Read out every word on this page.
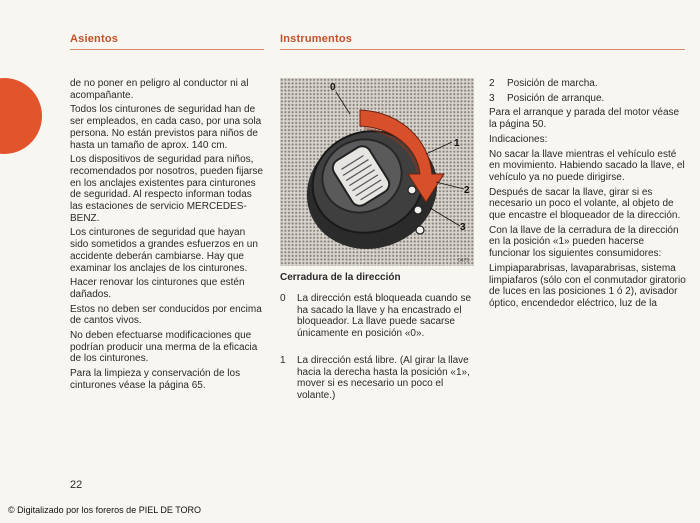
Asientos	Instrumentos

de no poner en peligro al conductor ni al acompañante.

Todos los cinturones de seguridad han de ser empleados, en cada caso, por una sola persona. No están previstos para niños de hasta un tamaño de aprox. 140 cm.

Los dispositivos de seguridad para niños, recomendados por nosotros, pueden fijarse en los anclajes existentes para cinturones de seguridad. Al respecto informan todas las estaciones de servicio MERCEDES-BENZ.

Los cinturones de seguridad que hayan sido sometidos a grandes esfuerzos en un accidente deberán cambiarse. Hay que examinar los anclajes de los cinturones.

Hacer renovar los cinturones que estén dañados.

Estos no deben ser conducidos por encima de cantos vivos.

No deben efectuarse modificaciones que podrían producir una merma de la eficacia de los cinturones.

Para la limpieza y conservación de los cinturones véase la página 65.

0
1
2
3
0475
Cerradura de la dirección
0 La dirección está bloqueada cuando se ha sacado la llave y ha encastrado el bloqueador. La llave puede sacarse únicamente en posición «0».
1 La dirección está libre. (Al girar la llave hacia la derecha hasta la posición «1», mover si es necesario un poco el volante.)
2 Posición de marcha.
3 Posición de arranque.

Para el arranque y parada del motor véase la página 50.

Indicaciones:

No sacar la llave mientras el vehículo esté en movimiento. Habiendo sacado la llave, el vehículo ya no puede dirigirse.

Después de sacar la llave, girar si es necesario un poco el volante, al objeto de que encastre el bloqueador de la dirección.

Con la llave de la cerradura de la dirección en la posición «1» pueden hacerse funcionar los siguientes consumidores:

Limpiaparabrisas, lavaparabrisas, sistema limpiafaros (sólo con el conmutador giratorio de luces en las posiciones 1 ó 2), avisador óptico, encendedor eléctrico, luz de la

22
© Digitalizado por los foreros de PIEL DE TORO
